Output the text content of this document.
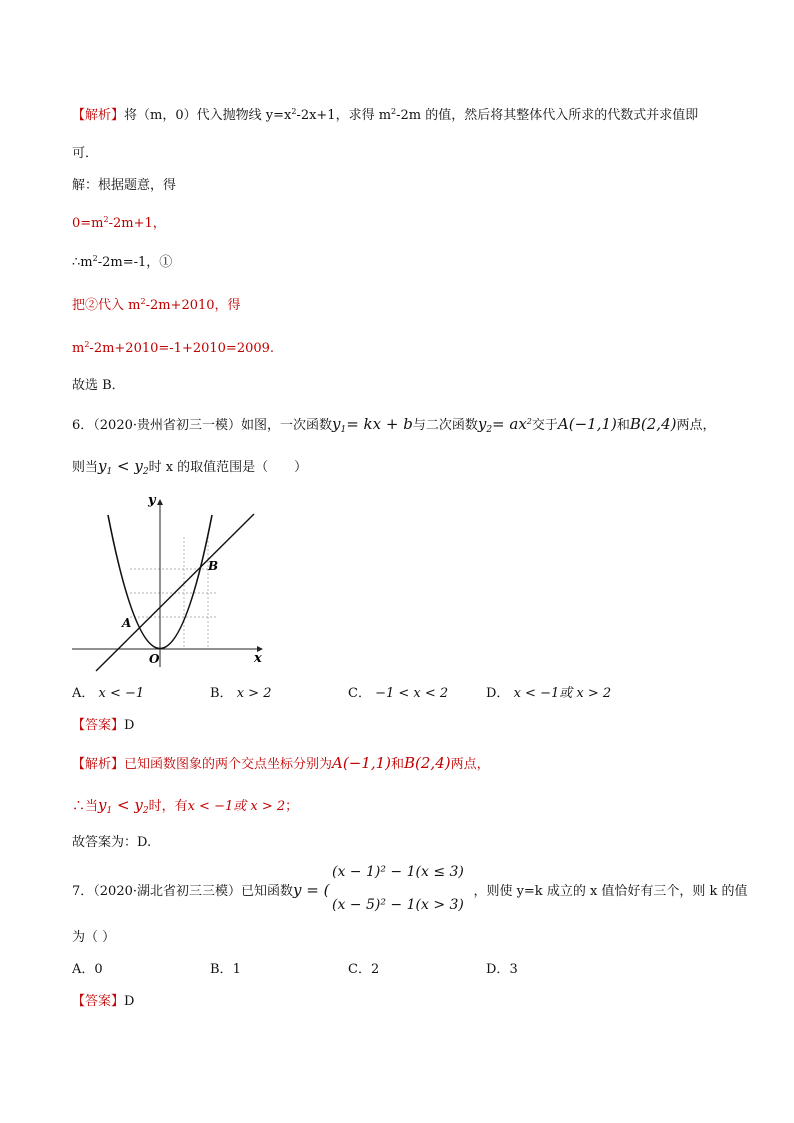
【解析】将（m，0）代入抛物线 $y=x^2-2x+1$，求得 $m^2-2m$ 的值，然后将其整体代入所求的代数式并求值即
可．
解：根据题意，得
$0=m^2-2m+1$，
$\therefore m^2-2m=-1$，①
把②代入 $m^2-2m+2010$，得
$m^2-2m+2010=-1+2010=2009$.
故选 B．
6．（2020·贵州省初三一模）如图，一次函数$y_1=$ kx + b与二次函数$y_2= ax^2$交于A(−1,1)和B(2,4)两点，
则当$y_1 < y_2$时 x 的取值范围是（　　）
y
x
O
A
B
A． x < −1	B． x > 2	C． −1 < x < 2	D． x < −1或 x > 2
【答案】D
【解析】已知函数图象的两个交点坐标分别为A(−1,1)和B(2,4)两点，
∴当$y_1 < y_2$时，有x < −1或 x > 2；
故答案为：D.
7．（2020·湖北省初三三模）已知函数y = (	，则使 y=k 成立的 x 值恰好有三个，则 k 的值
(x − 1)² − 1(x ≤ 3)
(x − 5)² − 1(x > 3)
为（ ）
A．0	B．1	C．2	D．3
【答案】D
